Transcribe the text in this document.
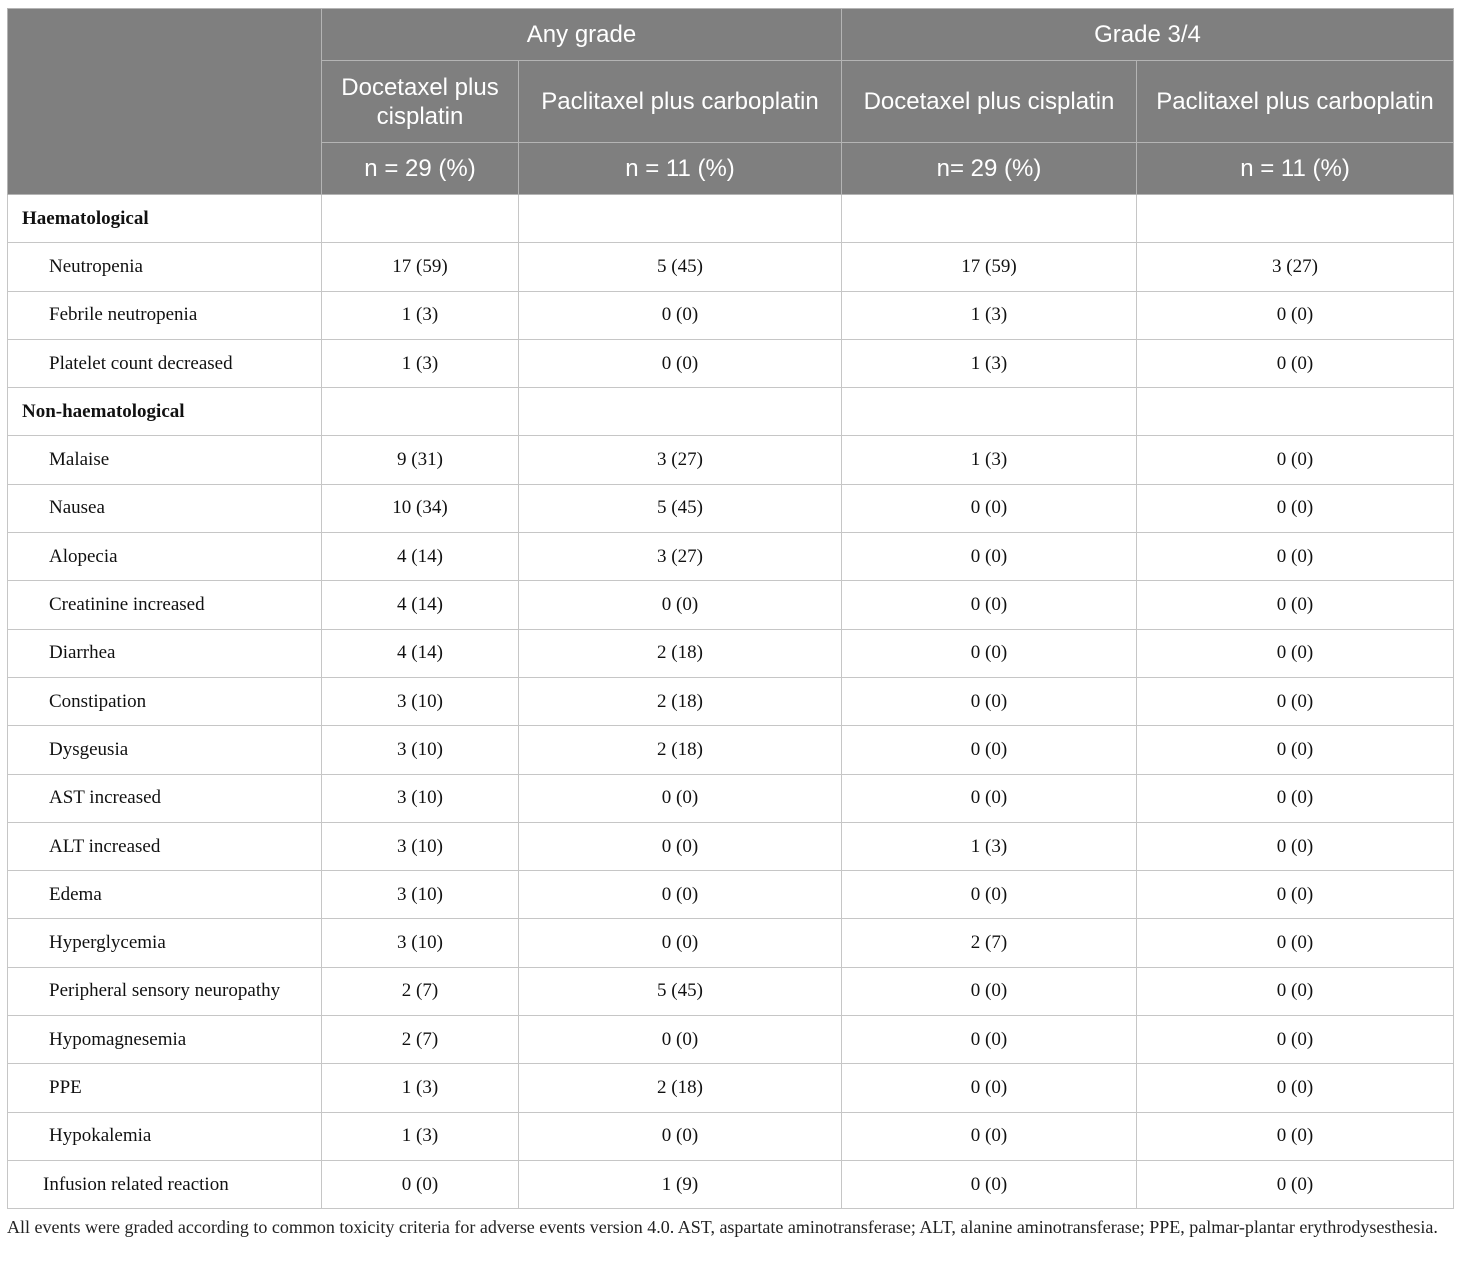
	Any grade		Grade 3/4	
	Docetaxel plus cisplatin	Paclitaxel plus carboplatin	Docetaxel plus cisplatin	Paclitaxel plus carboplatin
	n = 29 (%)	n = 11 (%)	n= 29 (%)	n = 11 (%)
Haematological				
Neutropenia	17 (59)	5 (45)	17 (59)	3 (27)
Febrile neutropenia	1 (3)	0 (0)	1 (3)	0 (0)
Platelet count decreased	1 (3)	0 (0)	1 (3)	0 (0)
Non-haematological				
Malaise	9 (31)	3 (27)	1 (3)	0 (0)
Nausea	10 (34)	5 (45)	0 (0)	0 (0)
Alopecia	4 (14)	3 (27)	0 (0)	0 (0)
Creatinine increased	4 (14)	0 (0)	0 (0)	0 (0)
Diarrhea	4 (14)	2 (18)	0 (0)	0 (0)
Constipation	3 (10)	2 (18)	0 (0)	0 (0)
Dysgeusia	3 (10)	2 (18)	0 (0)	0 (0)
AST increased	3 (10)	0 (0)	0 (0)	0 (0)
ALT increased	3 (10)	0 (0)	1 (3)	0 (0)
Edema	3 (10)	0 (0)	0 (0)	0 (0)
Hyperglycemia	3 (10)	0 (0)	2 (7)	0 (0)
Peripheral sensory neuropathy	2 (7)	5 (45)	0 (0)	0 (0)
Hypomagnesemia	2 (7)	0 (0)	0 (0)	0 (0)
PPE	1 (3)	2 (18)	0 (0)	0 (0)
Hypokalemia	1 (3)	0 (0)	0 (0)	0 (0)
Infusion related reaction	0 (0)	1 (9)	0 (0)	0 (0)
All events were graded according to common toxicity criteria for adverse events version 4.0. AST, aspartate aminotransferase; ALT, alanine aminotransferase; PPE, palmar-plantar erythrodysesthesia.
